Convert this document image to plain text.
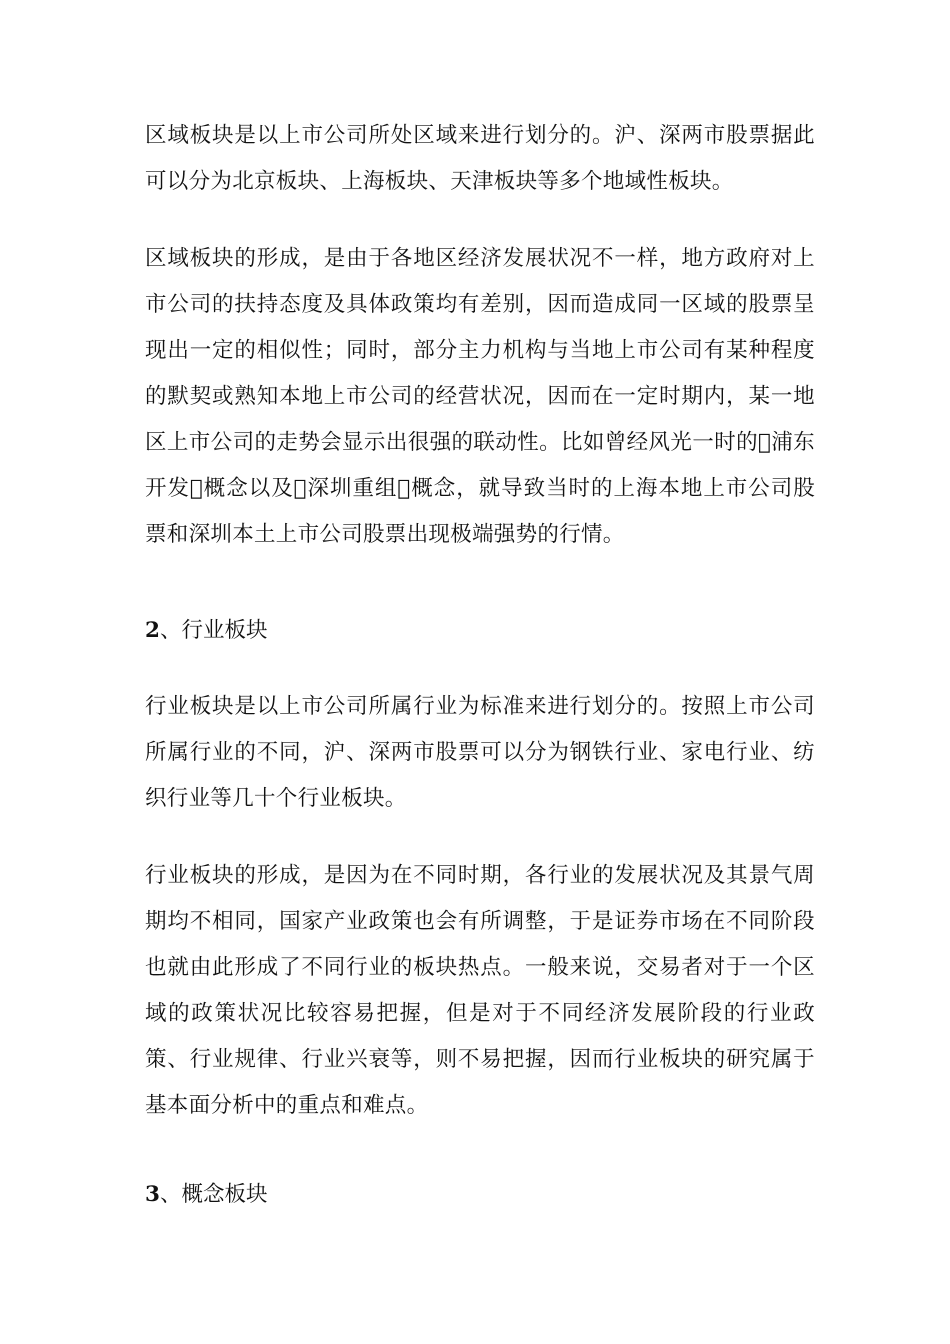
区域板块是以上市公司所处区域来进行划分的。沪、深两市股票据此可以分为北京板块、上海板块、天津板块等多个地域性板块。

区域板块的形成，是由于各地区经济发展状况不一样，地方政府对上市公司的扶持态度及具体政策均有差别，因而造成同一区域的股票呈现出一定的相似性；同时，部分主力机构与当地上市公司有某种程度的默契或熟知本地上市公司的经营状况，因而在一定时期内，某一地区上市公司的走势会显示出很强的联动性。比如曾经风光一时的 浦东开发 概念以及 深圳重组 概念，就导致当时的上海本地上市公司股票和深圳本土上市公司股票出现极端强势的行情。

2、行业板块

行业板块是以上市公司所属行业为标准来进行划分的。按照上市公司所属行业的不同，沪、深两市股票可以分为钢铁行业、家电行业、纺织行业等几十个行业板块。

行业板块的形成，是因为在不同时期，各行业的发展状况及其景气周期均不相同，国家产业政策也会有所调整，于是证券市场在不同阶段也就由此形成了不同行业的板块热点。一般来说，交易者对于一个区域的政策状况比较容易把握，但是对于不同经济发展阶段的行业政策、行业规律、行业兴衰等，则不易把握，因而行业板块的研究属于基本面分析中的重点和难点。

3、概念板块
